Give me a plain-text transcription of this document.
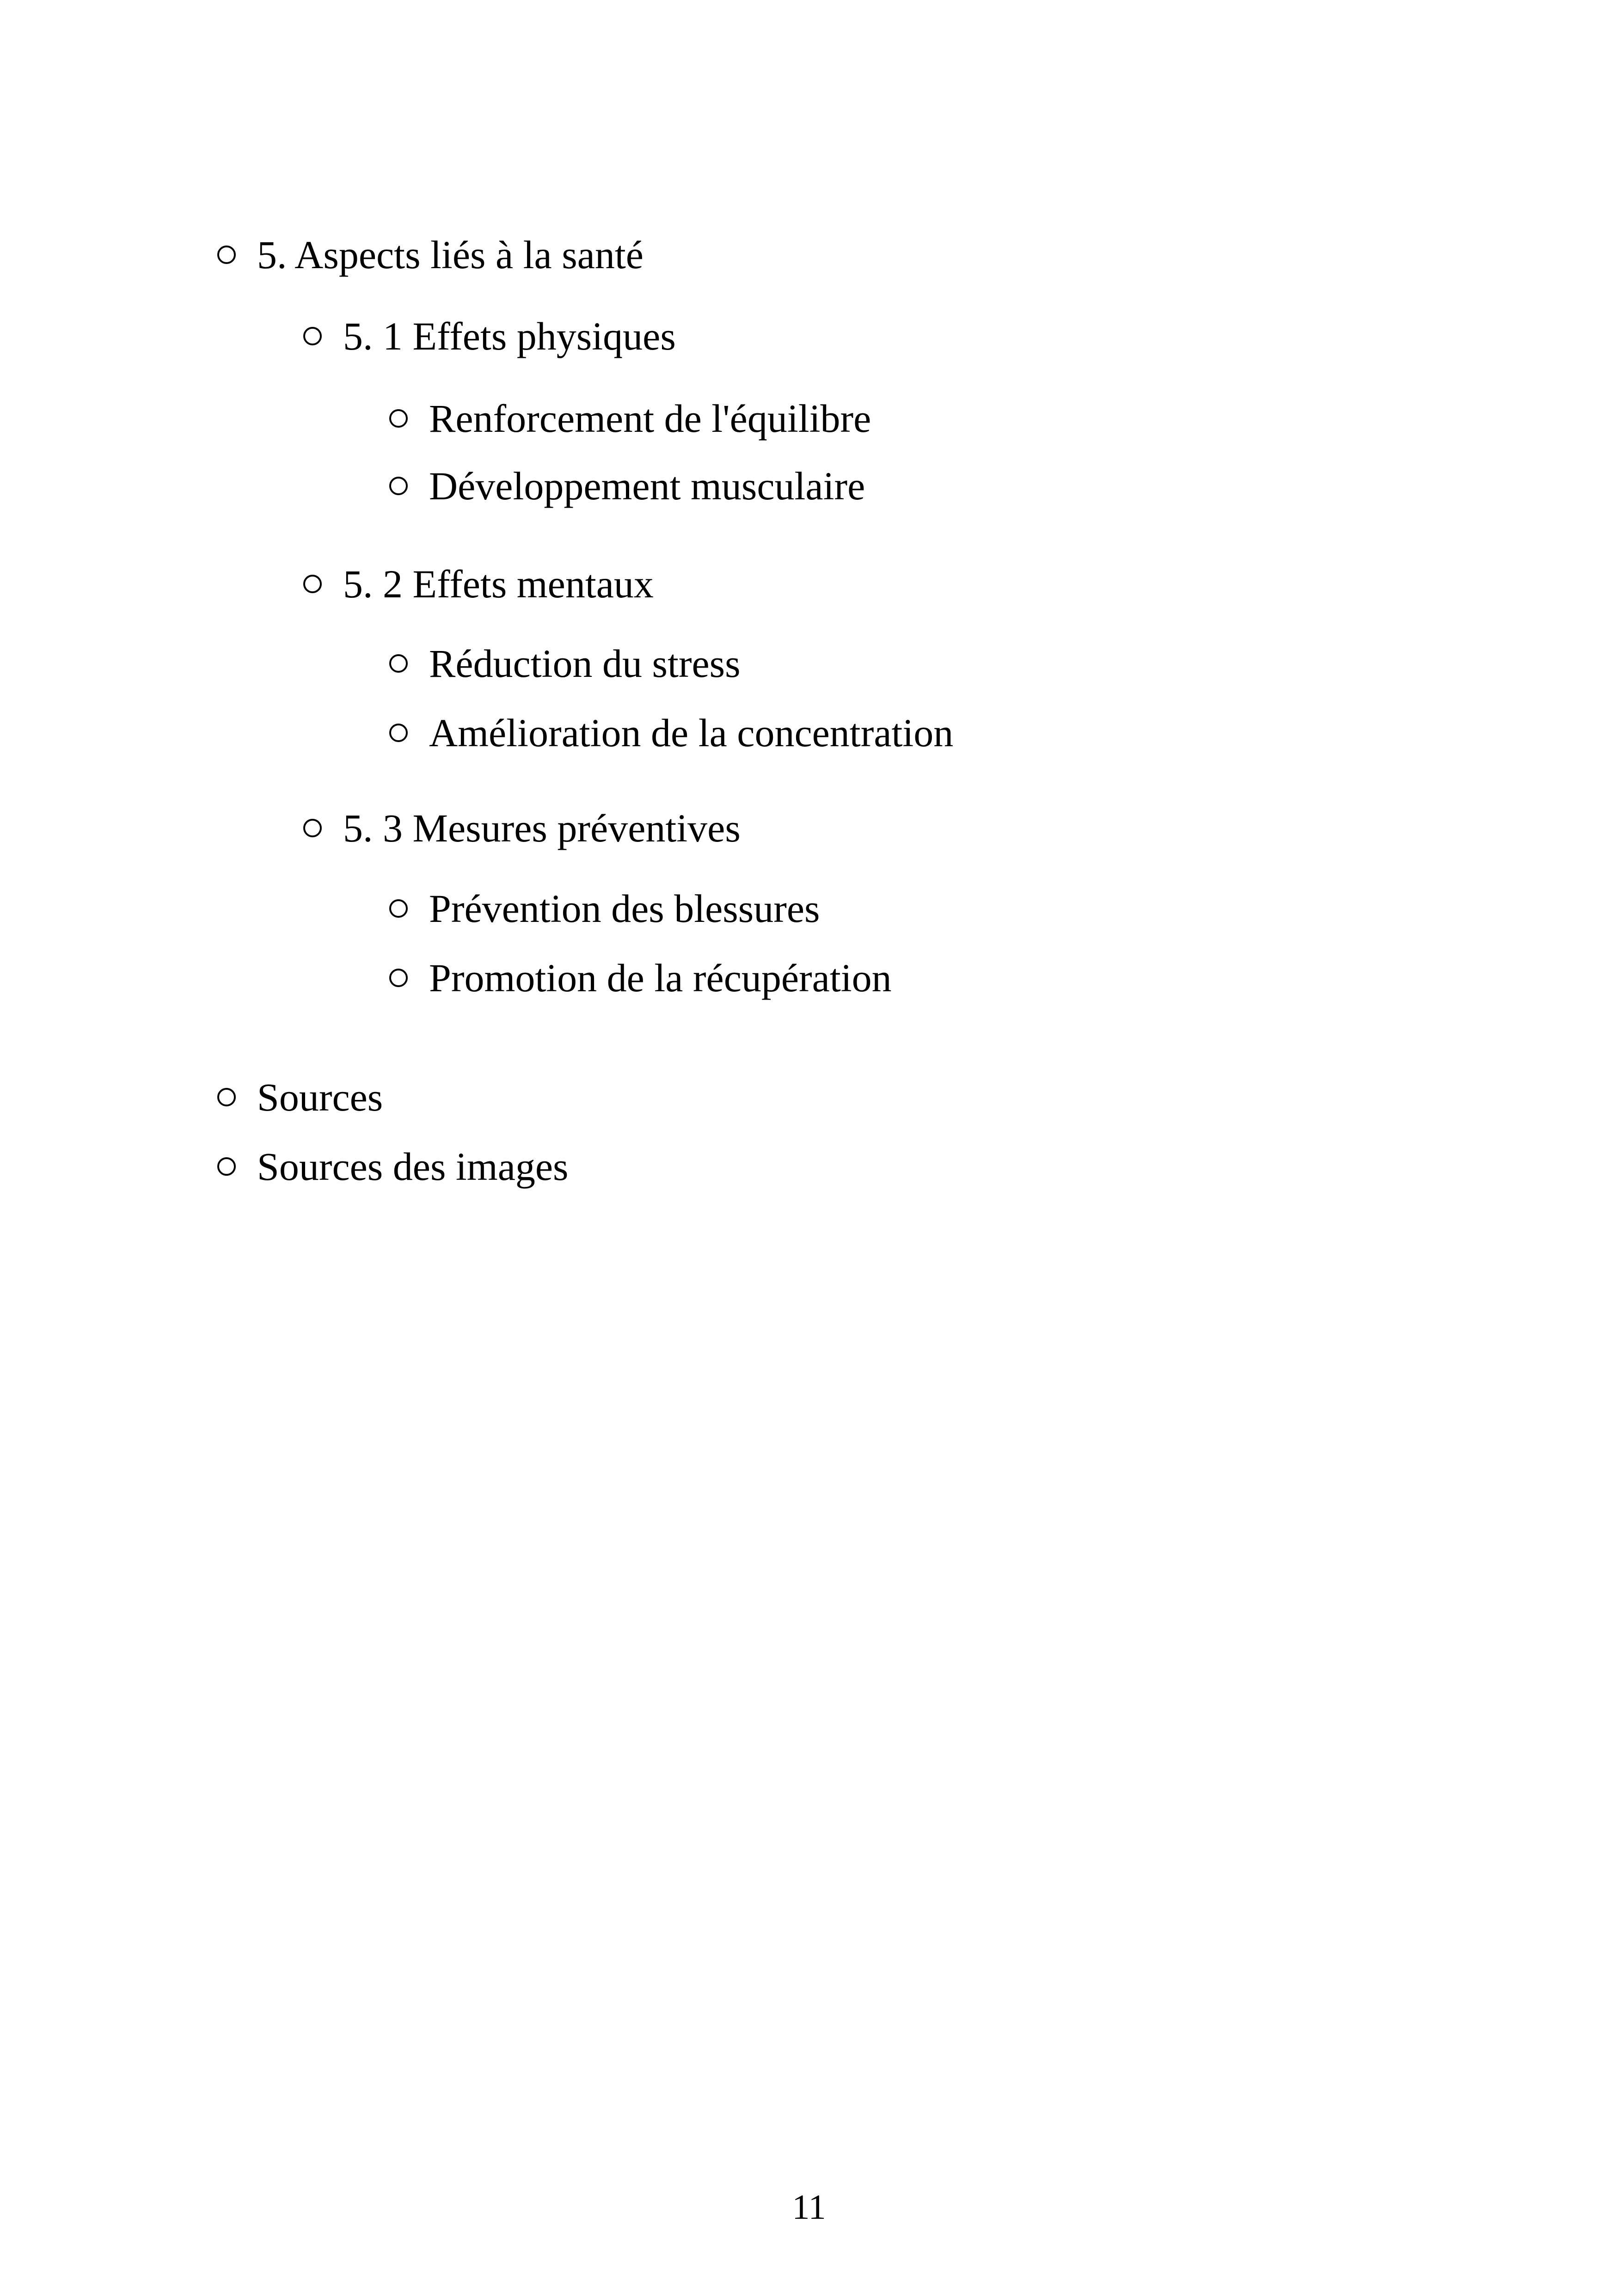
5. Aspects liés à la santé
5. 1 Effets physiques
Renforcement de l'équilibre
Développement musculaire
5. 2 Effets mentaux
Réduction du stress
Amélioration de la concentration
5. 3 Mesures préventives
Prévention des blessures
Promotion de la récupération
Sources
Sources des images
11
